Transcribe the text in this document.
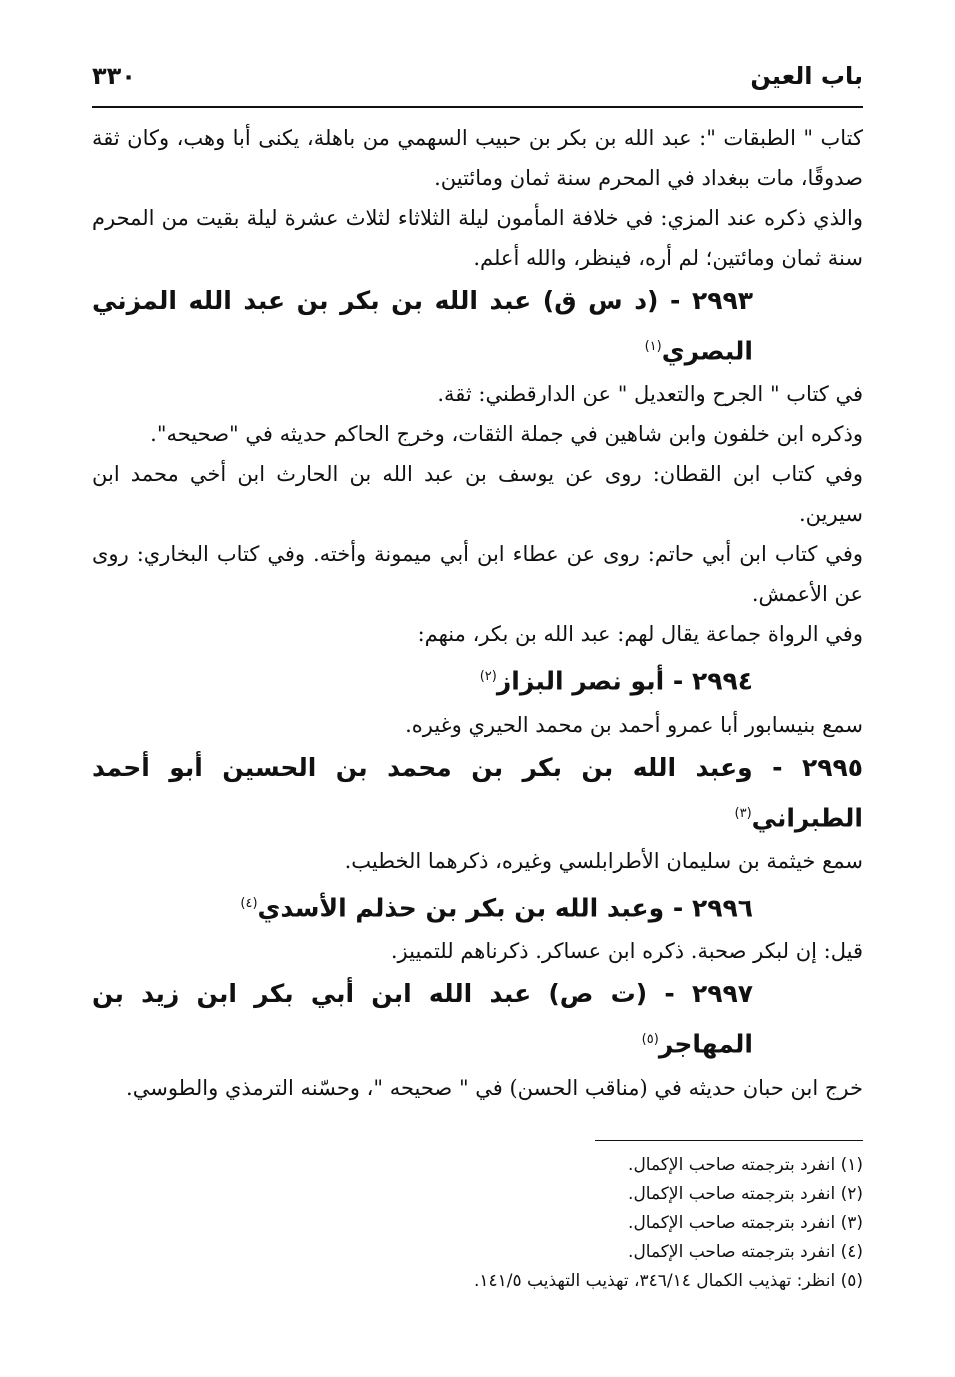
باب العين
٣٣٠

كتاب " الطبقات ": عبد الله بن بكر بن حبيب السهمي من باهلة، يكنى أبا وهب، وكان ثقة صدوقًا، مات ببغداد في المحرم سنة ثمان ومائتين.

والذي ذكره عند المزي: في خلافة المأمون ليلة الثلاثاء لثلاث عشرة ليلة بقيت من المحرم سنة ثمان ومائتين؛ لم أره، فينظر، والله أعلم.

٢٩٩٣ - (د س ق) عبد الله بن بكر بن عبد الله المزني البصري$^{(١)}$

في كتاب " الجرح والتعديل " عن الدارقطني: ثقة.

وذكره ابن خلفون وابن شاهين في جملة الثقات، وخرج الحاكم حديثه في "صحيحه".

وفي كتاب ابن القطان: روى عن يوسف بن عبد الله بن الحارث ابن أخي محمد ابن سيرين.

وفي كتاب ابن أبي حاتم: روى عن عطاء ابن أبي ميمونة وأخته. وفي كتاب البخاري: روى عن الأعمش.

وفي الرواة جماعة يقال لهم: عبد الله بن بكر، منهم:

٢٩٩٤ - أبو نصر البزاز$^{(٢)}$

سمع بنيسابور أبا عمرو أحمد بن محمد الحيري وغيره.

٢٩٩٥ - وعبد الله بن بكر بن محمد بن الحسين أبو أحمد الطبراني$^{(٣)}$

سمع خيثمة بن سليمان الأطرابلسي وغيره، ذكرهما الخطيب.

٢٩٩٦ - وعبد الله بن بكر بن حذلم الأسدي$^{(٤)}$

قيل: إن لبكر صحبة. ذكره ابن عساكر. ذكرناهم للتمييز.

٢٩٩٧ - (ت ص) عبد الله ابن أبي بكر ابن زيد بن المهاجر$^{(٥)}$

خرج ابن حبان حديثه في (مناقب الحسن) في " صحيحه "، وحسّنه الترمذي والطوسي.

(١) انفرد بترجمته صاحب الإكمال.

(٢) انفرد بترجمته صاحب الإكمال.

(٣) انفرد بترجمته صاحب الإكمال.

(٤) انفرد بترجمته صاحب الإكمال.

(٥) انظر: تهذيب الكمال ٣٤٦/١٤، تهذيب التهذيب ١٤١/٥.
